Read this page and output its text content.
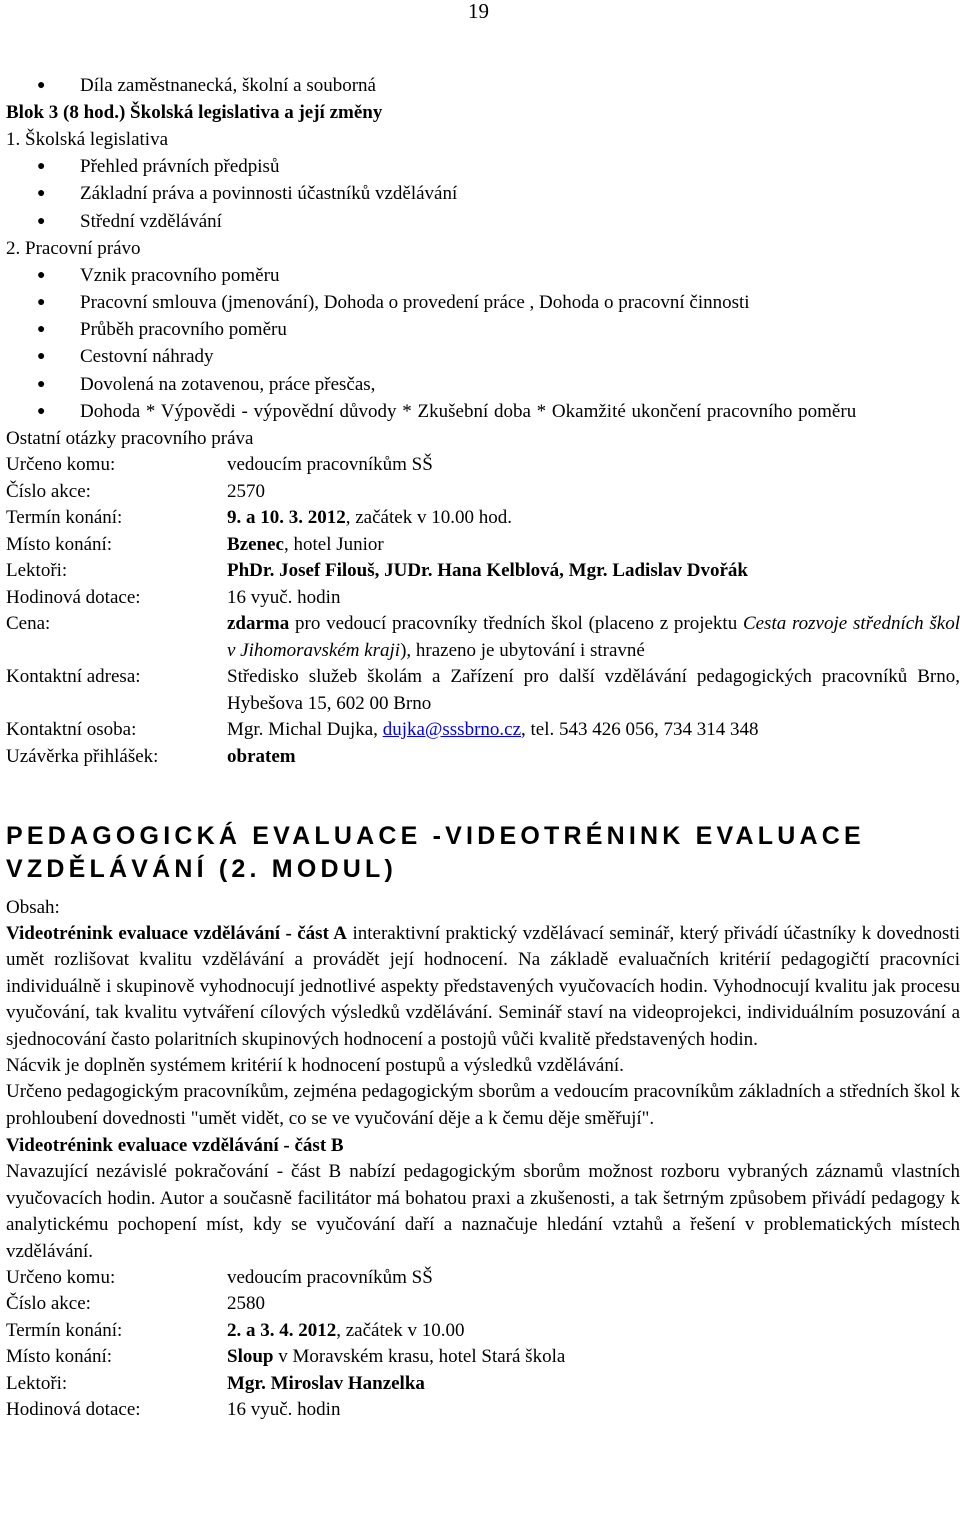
19
● Díla zaměstnanecká, školní a souborná

Blok 3 (8 hod.) Školská legislativa a její změny

1. Školská legislativa

● Přehled právních předpisů
● Základní práva a povinnosti účastníků vzdělávání
● Střední vzdělávání

2. Pracovní právo

● Vznik pracovního poměru
● Pracovní smlouva (jmenování), Dohoda o provedení práce , Dohoda o pracovní činnosti
● Průběh pracovního poměru
● Cestovní náhrady
● Dovolená na zotavenou, práce přesčas,
● Dohoda * Výpovědi - výpovědní důvody * Zkušební doba * Okamžité ukončení pracovního poměru

Ostatní otázky pracovního práva

Určeno komu:	vedoucím pracovníkům SŠ
Číslo akce:	2570
Termín konání:	9. a 10. 3. 2012, začátek v 10.00 hod.
Místo konání:	Bzenec, hotel Junior
Lektoři:	PhDr. Josef Filouš, JUDr. Hana Kelblová, Mgr. Ladislav Dvořák
Hodinová dotace:	16 vyuč. hodin
Cena:	zdarma pro vedoucí pracovníky tředních škol (placeno z projektu Cesta rozvoje středních škol v Jihomoravském kraji), hrazeno je ubytování i stravné
Kontaktní adresa:	Středisko služeb školám a Zařízení pro další vzdělávání pedagogických pracovníků Brno, Hybešova 15, 602 00 Brno
Kontaktní osoba:	Mgr. Michal Dujka, dujka@sssbrno.cz, tel. 543 426 056, 734 314 348
Uzávěrka přihlášek:	obratem
PEDAGOGICKÁ EVALUACE -VIDEOTRÉNINK EVALUACE VZDĚLÁVÁNÍ (2. MODUL)

Obsah:

Videotrénink evaluace vzdělávání - část A interaktivní praktický vzdělávací seminář, který přivádí účastníky k dovednosti umět rozlišovat kvalitu vzdělávání a provádět její hodnocení. Na základě evaluačních kritérií pedagogičtí pracovníci individuálně i skupinově vyhodnocují jednotlivé aspekty představených vyučovacích hodin. Vyhodnocují kvalitu jak procesu vyučování, tak kvalitu vytváření cílových výsledků vzdělávání. Seminář staví na videoprojekci, individuálním posuzování a sjednocování často polaritních skupinových hodnocení a postojů vůči kvalitě představených hodin.

Nácvik je doplněn systémem kritérií k hodnocení postupů a výsledků vzdělávání.

Určeno pedagogickým pracovníkům, zejména pedagogickým sborům a vedoucím pracovníkům základních a středních škol k prohloubení dovednosti "umět vidět, co se ve vyučování děje a k čemu děje směřují".

Videotrénink evaluace vzdělávání - část B

Navazující nezávislé pokračování - část B nabízí pedagogickým sborům možnost rozboru vybraných záznamů vlastních vyučovacích hodin. Autor a současně facilitátor má bohatou praxi a zkušenosti, a tak šetrným způsobem přivádí pedagogy k analytickému pochopení míst, kdy se vyučování daří a naznačuje hledání vztahů a řešení v problematických místech vzdělávání.

Určeno komu:	vedoucím pracovníkům SŠ
Číslo akce:	2580
Termín konání:	2. a 3. 4. 2012, začátek v 10.00
Místo konání:	Sloup v Moravském krasu, hotel Stará škola
Lektoři:	Mgr. Miroslav Hanzelka
Hodinová dotace:	16 vyuč. hodin
